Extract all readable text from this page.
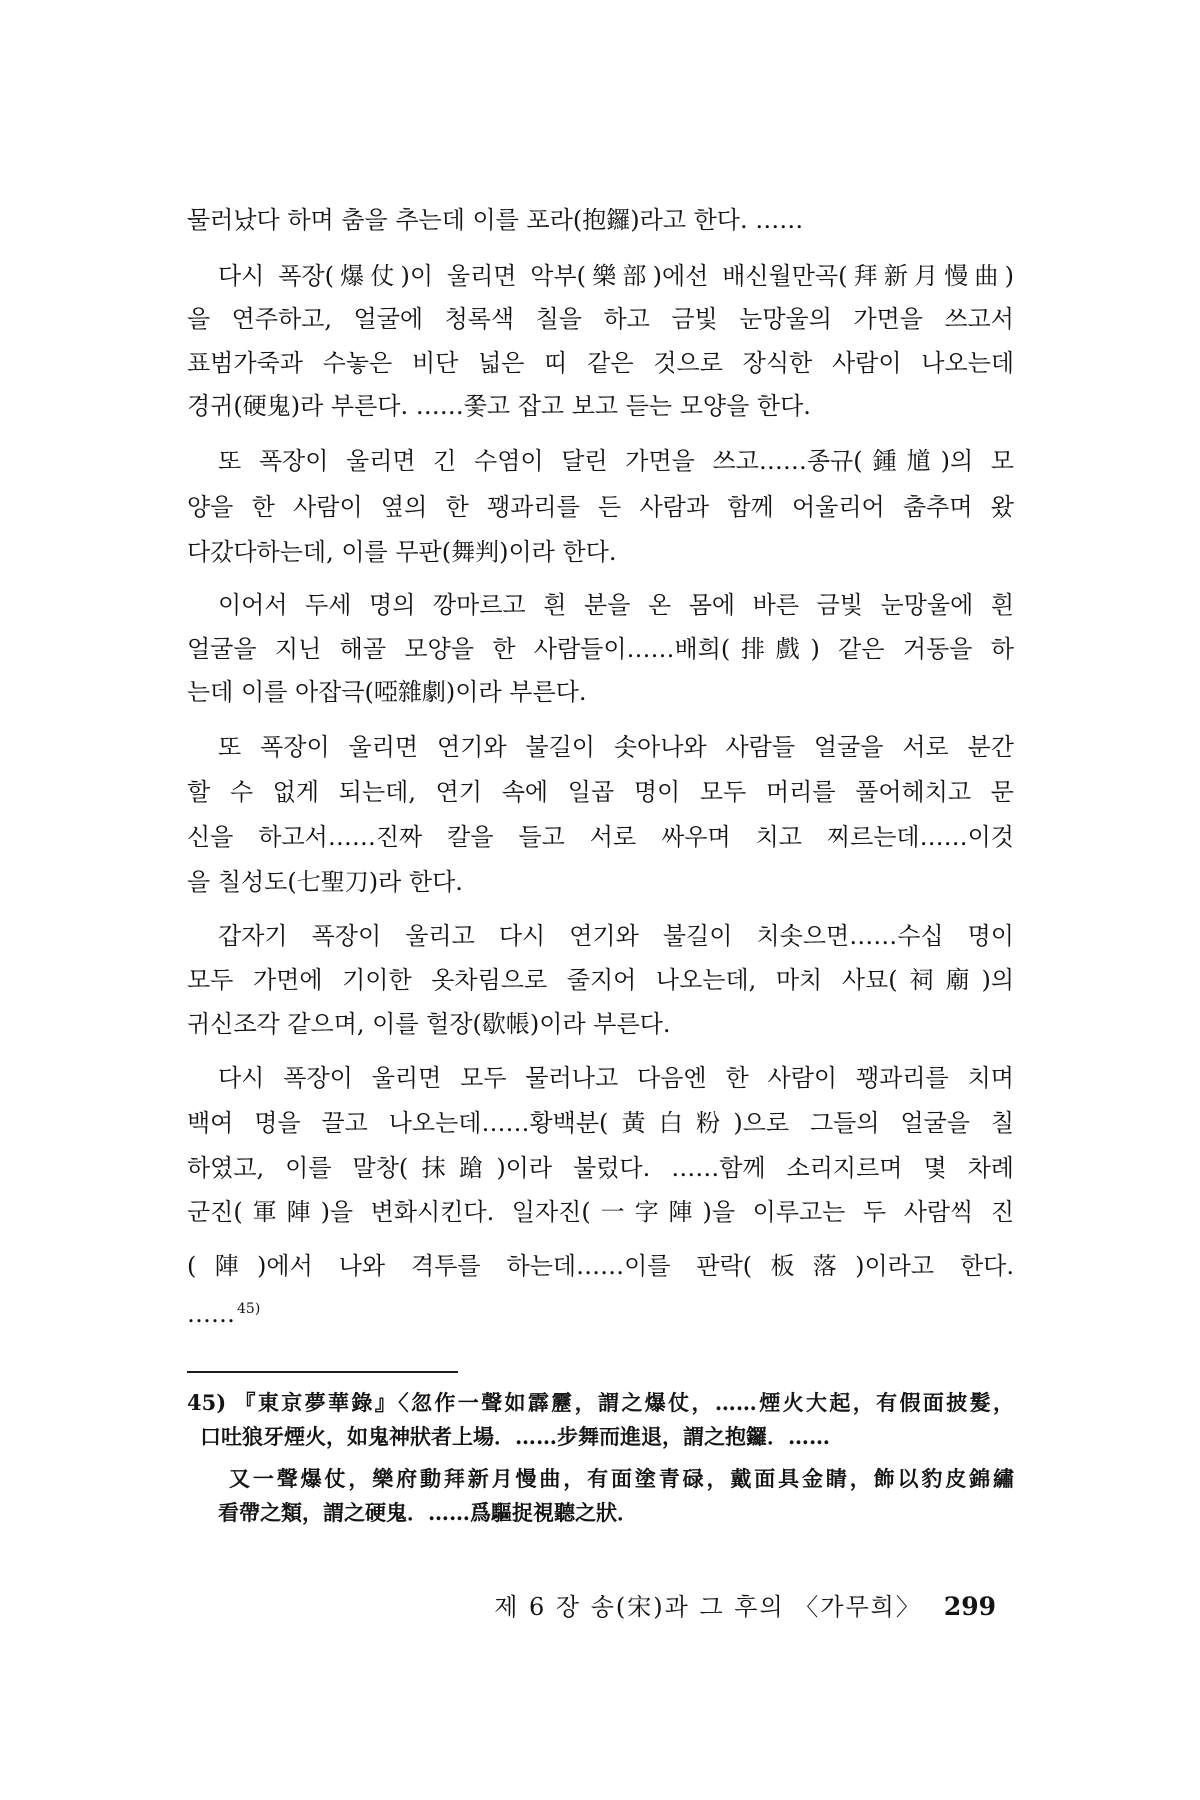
물러났다 하며 춤을 추는데 이를 포라(抱鑼)라고 한다. ……
다시 폭장(爆仗)이 울리면 악부(樂部)에선 배신월만곡(拜新月慢曲)
을 연주하고, 얼굴에 청록색 칠을 하고 금빛 눈망울의 가면을 쓰고서
표범가죽과 수놓은 비단 넓은 띠 같은 것으로 장식한 사람이 나오는데
경귀(硬鬼)라 부른다. ……쫓고 잡고 보고 듣는 모양을 한다.
또 폭장이 울리면 긴 수염이 달린 가면을 쓰고……종규(鍾馗)의 모
양을 한 사람이 옆의 한 꽹과리를 든 사람과 함께 어울리어 춤추며 왔
다갔다하는데, 이를 무판(舞判)이라 한다.
이어서 두세 명의 깡마르고 흰 분을 온 몸에 바른 금빛 눈망울에 흰
얼굴을 지닌 해골 모양을 한 사람들이……배희(排戲) 같은 거동을 하
는데 이를 아잡극(啞雜劇)이라 부른다.
또 폭장이 울리면 연기와 불길이 솟아나와 사람들 얼굴을 서로 분간
할 수 없게 되는데, 연기 속에 일곱 명이 모두 머리를 풀어헤치고 문
신을 하고서……진짜 칼을 들고 서로 싸우며 치고 찌르는데……이것
을 칠성도(七聖刀)라 한다.
갑자기 폭장이 울리고 다시 연기와 불길이 치솟으면……수십 명이
모두 가면에 기이한 옷차림으로 줄지어 나오는데, 마치 사묘(祠廟)의
귀신조각 같으며, 이를 헐장(歇帳)이라 부른다.
다시 폭장이 울리면 모두 물러나고 다음엔 한 사람이 꽹과리를 치며
백여 명을 끌고 나오는데……황백분(黃白粉)으로 그들의 얼굴을 칠
하였고, 이를 말창(抹蹌)이라 불렀다. ……함께 소리지르며 몇 차례
군진(軍陣)을 변화시킨다. 일자진(一字陣)을 이루고는 두 사람씩 진
(陣)에서 나와 격투를 하는데……이를 판락(板落)이라고 한다.
…… $^{45)}$
45) 『東京夢華錄』〈忽作一聲如霹靂，謂之爆仗，……煙火大起，有假面披髮，
口吐狼牙煙火，如鬼神狀者上場．……步舞而進退，謂之抱鑼．……
又一聲爆仗，樂府動拜新月慢曲，有面塗青碌，戴面具金睛，飾以豹皮錦繡
看帶之類，謂之硬鬼．……爲驅捉視聽之狀．
제 6 장 송(宋)과 그 후의 〈가무희〉 299
